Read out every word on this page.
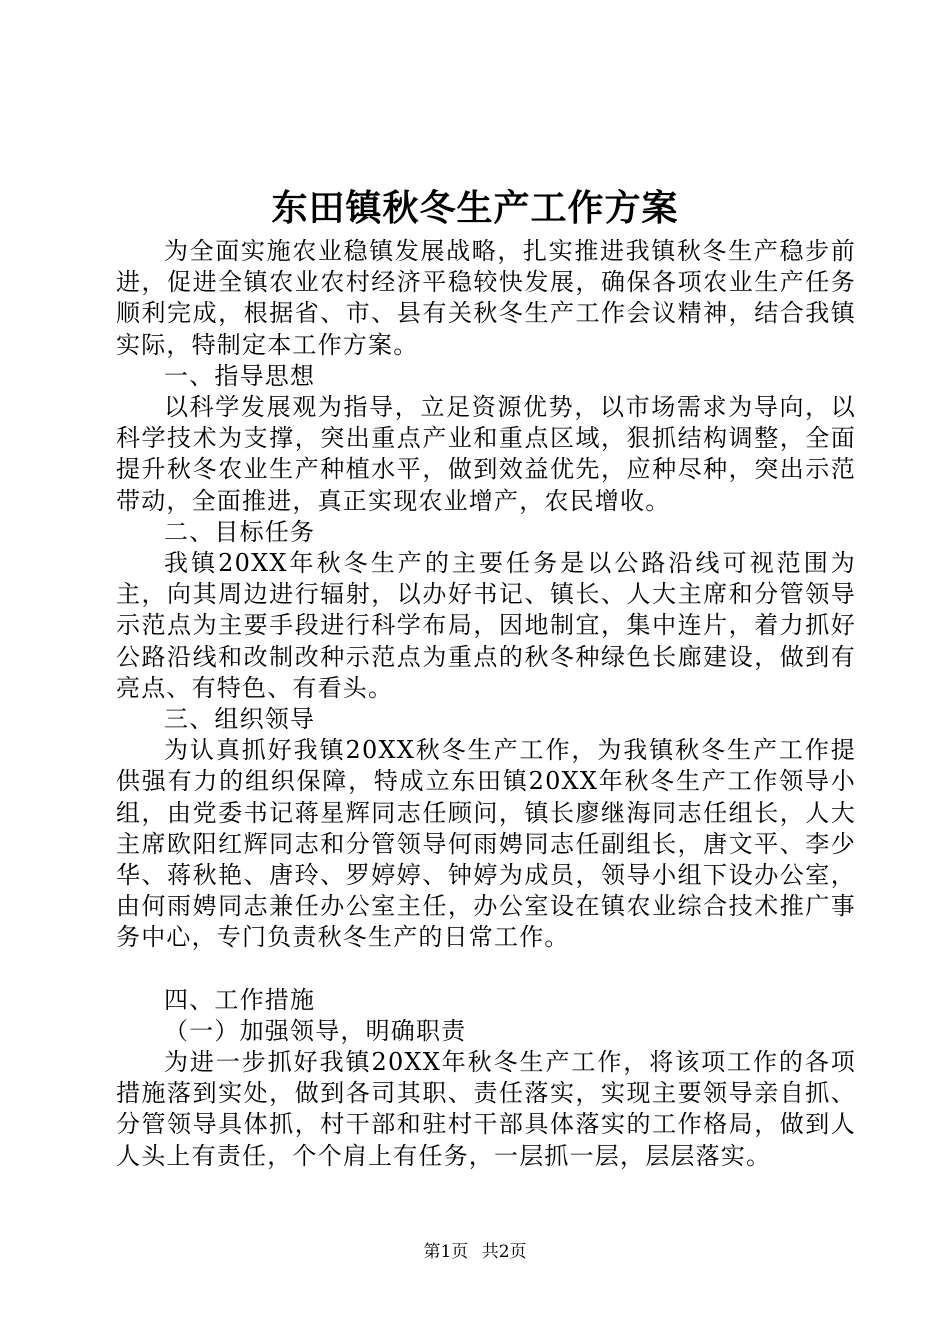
东田镇秋冬生产工作方案

为全面实施农业稳镇发展战略，扎实推进我镇秋冬生产稳步前进，促进全镇农业农村经济平稳较快发展，确保各项农业生产任务顺利完成，根据省、市、县有关秋冬生产工作会议精神，结合我镇实际，特制定本工作方案。

一、指导思想

以科学发展观为指导，立足资源优势，以市场需求为导向，以科学技术为支撑，突出重点产业和重点区域，狠抓结构调整，全面提升秋冬农业生产种植水平，做到效益优先，应种尽种，突出示范带动，全面推进，真正实现农业增产，农民增收。

二、目标任务

我镇20XX年秋冬生产的主要任务是以公路沿线可视范围为主，向其周边进行辐射，以办好书记、镇长、人大主席和分管领导示范点为主要手段进行科学布局，因地制宜，集中连片，着力抓好公路沿线和改制改种示范点为重点的秋冬种绿色长廊建设，做到有亮点、有特色、有看头。

三、组织领导

为认真抓好我镇20XX秋冬生产工作，为我镇秋冬生产工作提供强有力的组织保障，特成立东田镇20XX年秋冬生产工作领导小组，由党委书记蒋星辉同志任顾问，镇长廖继海同志任组长，人大主席欧阳红辉同志和分管领导何雨娉同志任副组长，唐文平、李少华、蒋秋艳、唐玲、罗婷婷、钟婷为成员，领导小组下设办公室，由何雨娉同志兼任办公室主任，办公室设在镇农业综合技术推广事务中心，专门负责秋冬生产的日常工作。

四、工作措施

（一）加强领导，明确职责

为进一步抓好我镇20XX年秋冬生产工作，将该项工作的各项措施落到实处，做到各司其职、责任落实，实现主要领导亲自抓、分管领导具体抓，村干部和驻村干部具体落实的工作格局，做到人人头上有责任，个个肩上有任务，一层抓一层，层层落实。

第1页 共2页
